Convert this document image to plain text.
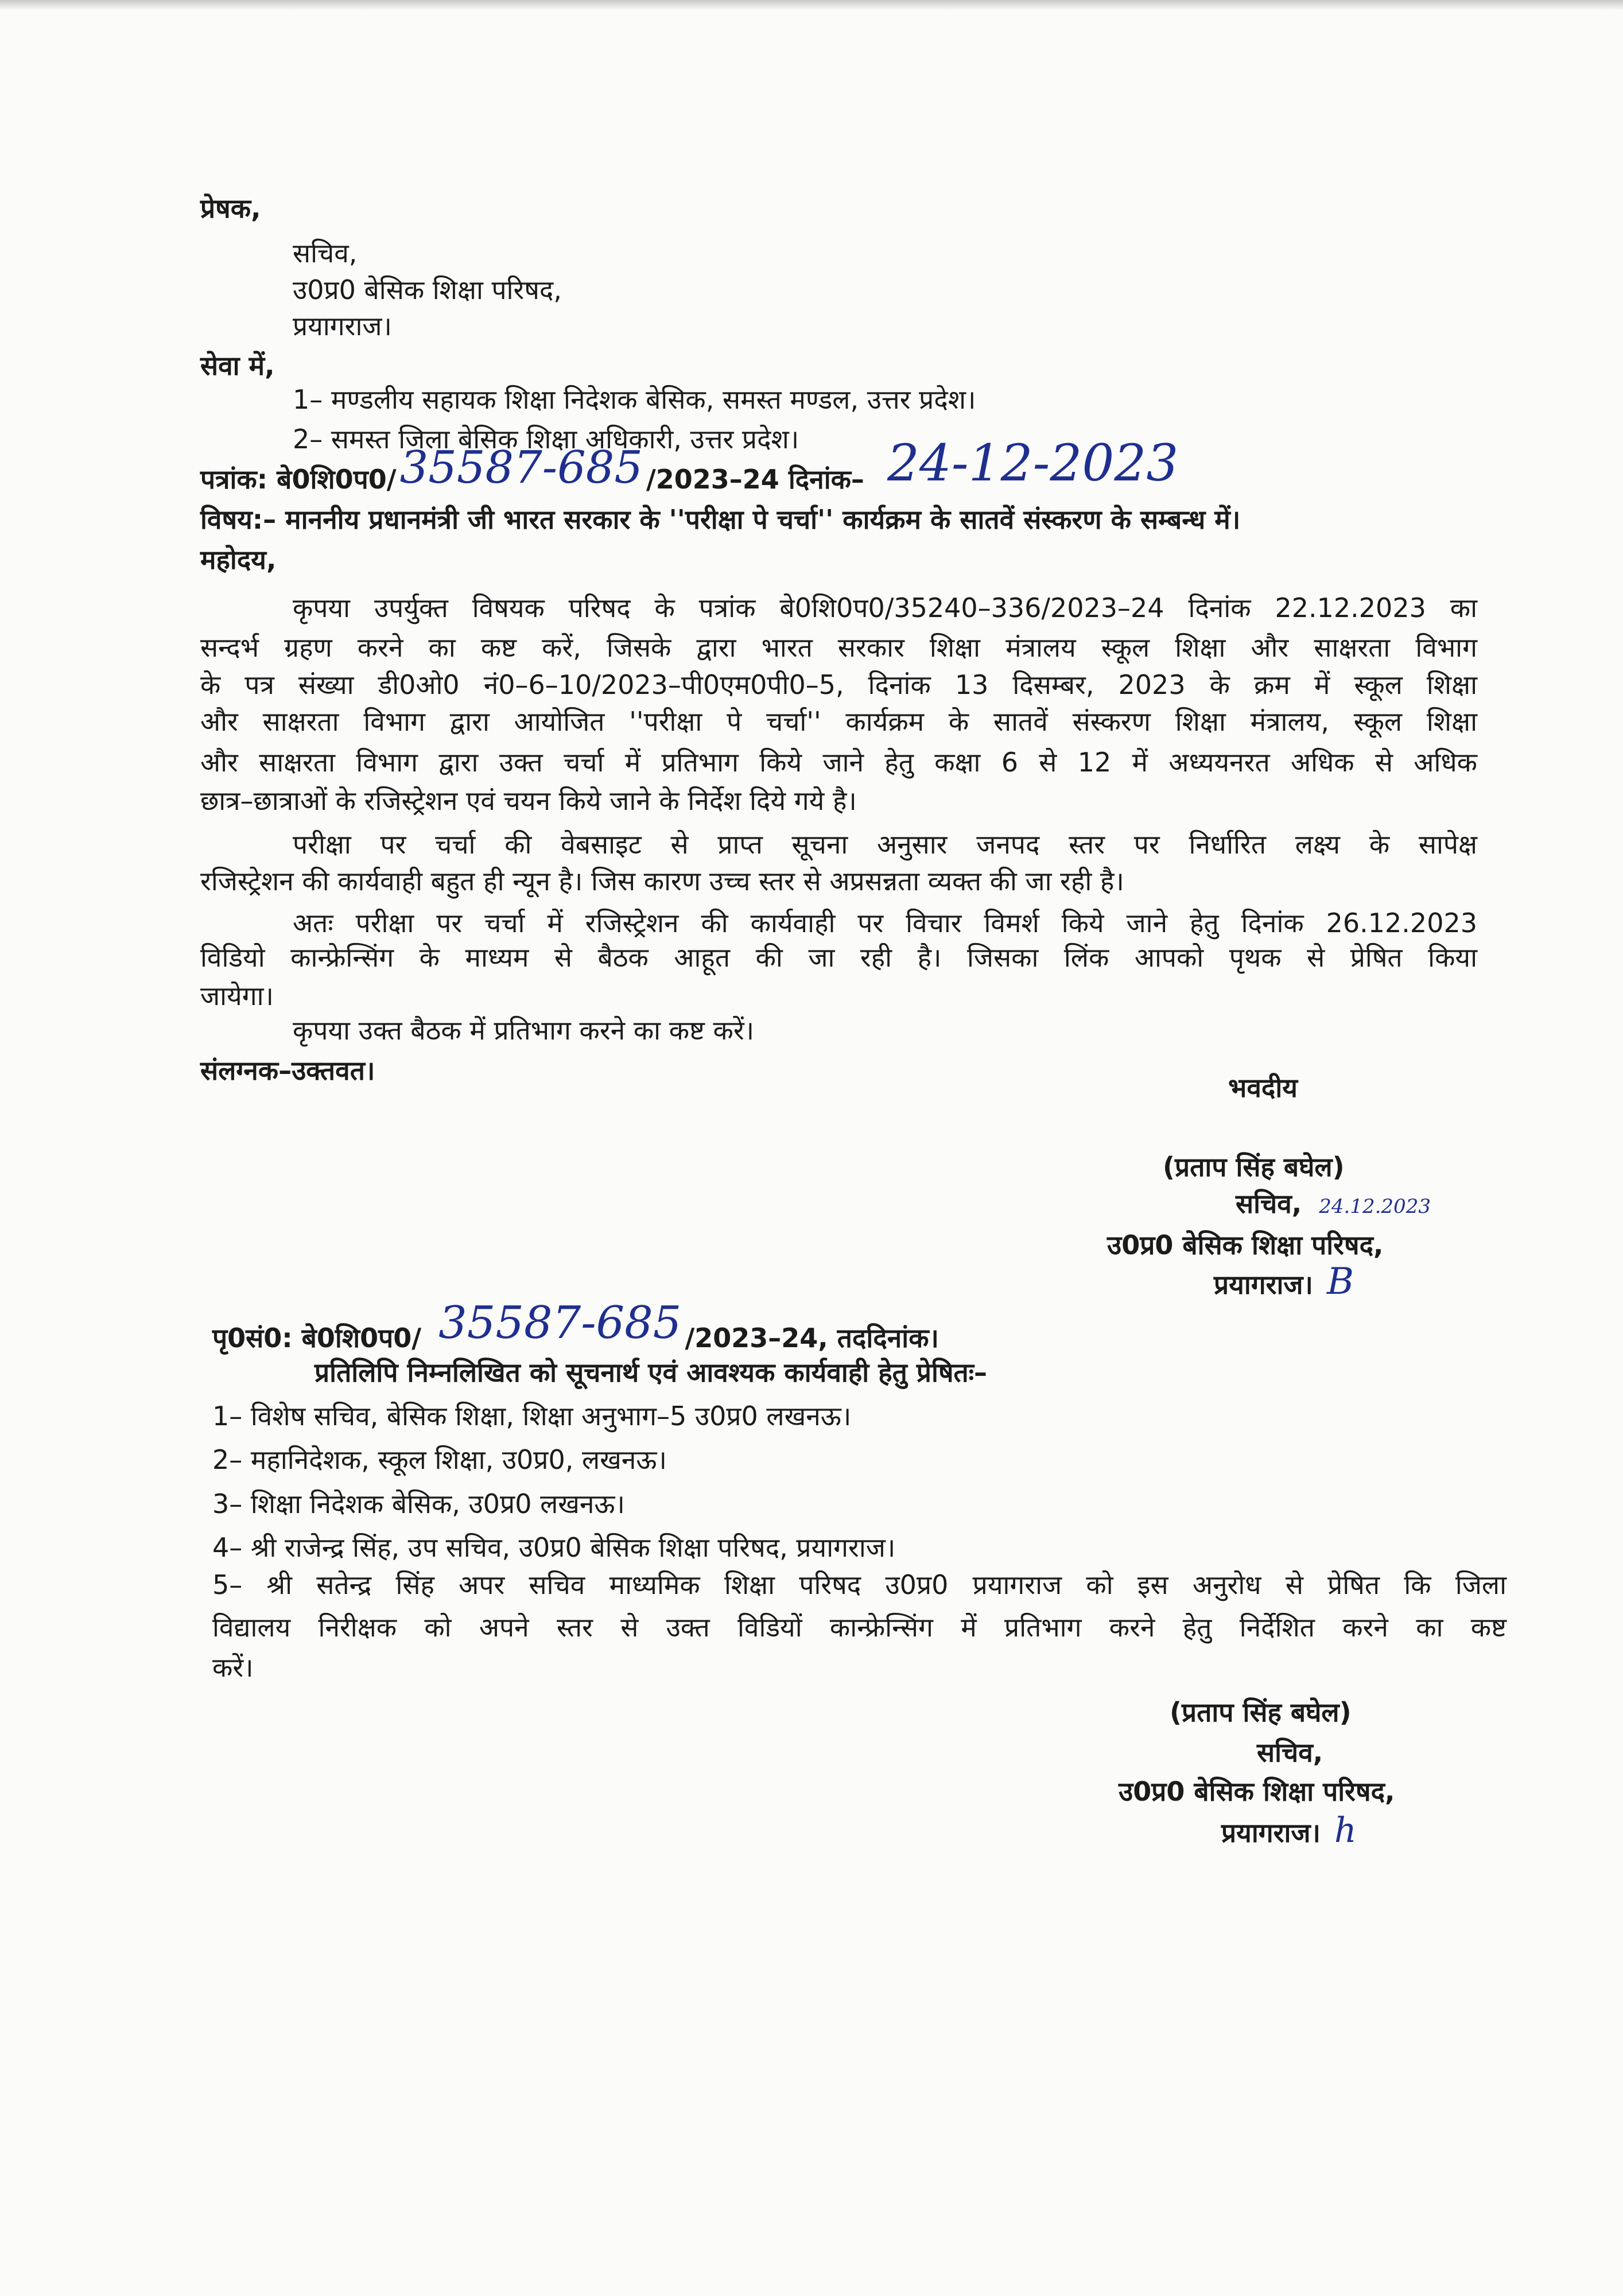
प्रेषक,
सचिव,
उ0प्र0 बेसिक शिक्षा परिषद,
प्रयागराज।
सेवा में,
1– मण्डलीय सहायक शिक्षा निदेशक बेसिक, समस्त मण्डल, उत्तर प्रदेश।
2– समस्त जिला बेसिक शिक्षा अधिकारी, उत्तर प्रदेश।
पत्रांक: बे0शि0प0/35587-685 /2023–24 दिनांक– 24-12-2023
विषय:– माननीय प्रधानमंत्री जी भारत सरकार के ''परीक्षा पे चर्चा'' कार्यक्रम के सातवें संस्करण के सम्बन्ध में।
महोदय,
कृपया उपर्युक्त विषयक परिषद के पत्रांक बे0शि0प0/35240–336/2023–24 दिनांक 22.12.2023 का
सन्दर्भ ग्रहण करने का कष्ट करें, जिसके द्वारा भारत सरकार शिक्षा मंत्रालय स्कूल शिक्षा और साक्षरता विभाग
के पत्र संख्या डी0ओ0 नं0–6–10/2023–पी0एम0पी0–5, दिनांक 13 दिसम्बर, 2023 के क्रम में स्कूल शिक्षा
और साक्षरता विभाग द्वारा आयोजित ''परीक्षा पे चर्चा'' कार्यक्रम के सातवें संस्करण शिक्षा मंत्रालय, स्कूल शिक्षा
और साक्षरता विभाग द्वारा उक्त चर्चा में प्रतिभाग किये जाने हेतु कक्षा 6 से 12 में अध्ययनरत अधिक से अधिक
छात्र–छात्राओं के रजिस्ट्रेशन एवं चयन किये जाने के निर्देश दिये गये है।
परीक्षा पर चर्चा की वेबसाइट से प्राप्त सूचना अनुसार जनपद स्तर पर निर्धारित लक्ष्य के सापेक्ष
रजिस्ट्रेशन की कार्यवाही बहुत ही न्यून है। जिस कारण उच्च स्तर से अप्रसन्नता व्यक्त की जा रही है।
अतः परीक्षा पर चर्चा में रजिस्ट्रेशन की कार्यवाही पर विचार विमर्श किये जाने हेतु दिनांक 26.12.2023
विडियो कान्फ्रेन्सिंग के माध्यम से बैठक आहूत की जा रही है। जिसका लिंक आपको पृथक से प्रेषित किया
जायेगा।
कृपया उक्त बैठक में प्रतिभाग करने का कष्ट करें।
संलग्नक–उक्तवत।
भवदीय
(प्रताप सिंह बघेल)
सचिव, 24.12.2023
उ0प्र0 बेसिक शिक्षा परिषद,
प्रयागराज। B
पृ0सं0: बे0शि0प0/ 35587-685 /2023–24, तददिनांक।
प्रतिलिपि निम्नलिखित को सूचनार्थ एवं आवश्यक कार्यवाही हेतु प्रेषितः–
1– विशेष सचिव, बेसिक शिक्षा, शिक्षा अनुभाग–5 उ0प्र0 लखनऊ।
2– महानिदेशक, स्कूल शिक्षा, उ0प्र0, लखनऊ।
3– शिक्षा निदेशक बेसिक, उ0प्र0 लखनऊ।
4– श्री राजेन्द्र सिंह, उप सचिव, उ0प्र0 बेसिक शिक्षा परिषद, प्रयागराज।
5– श्री सतेन्द्र सिंह अपर सचिव माध्यमिक शिक्षा परिषद उ0प्र0 प्रयागराज को इस अनुरोध से प्रेषित कि जिला
विद्यालय निरीक्षक को अपने स्तर से उक्त विडियों कान्फ्रेन्सिंग में प्रतिभाग करने हेतु निर्देशित करने का कष्ट
करें।
(प्रताप सिंह बघेल)
सचिव,
उ0प्र0 बेसिक शिक्षा परिषद,
प्रयागराज। h
